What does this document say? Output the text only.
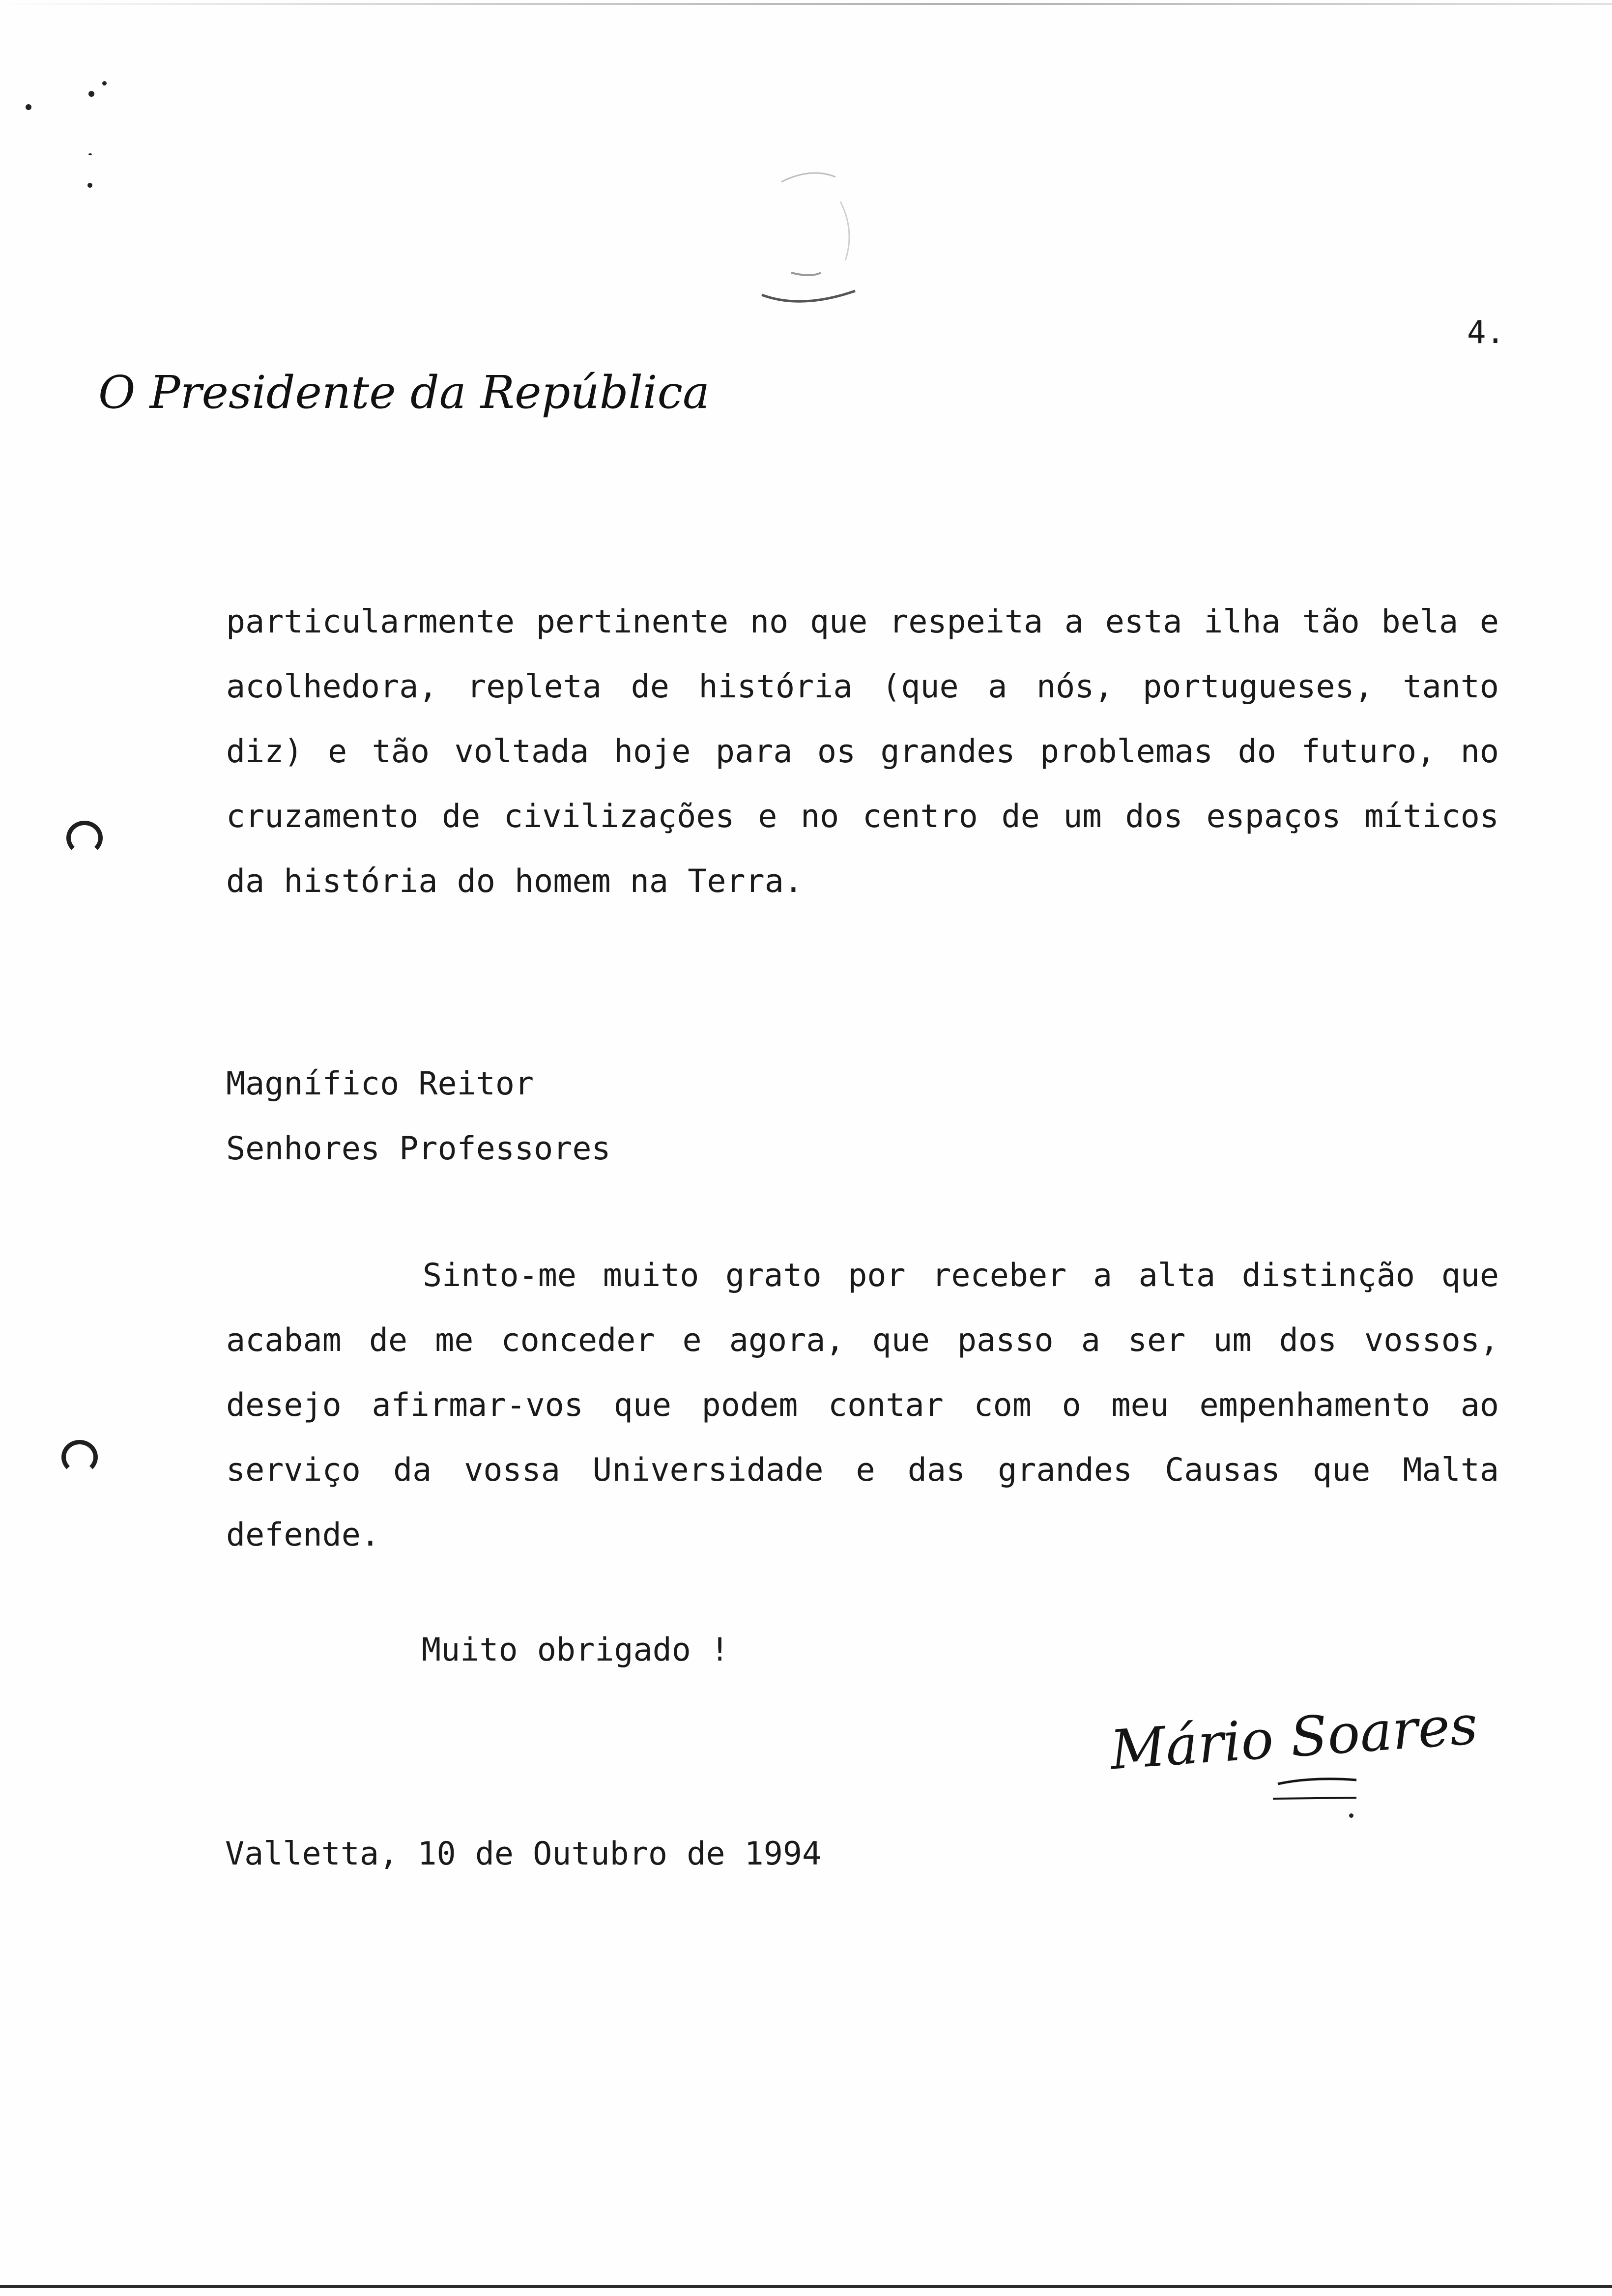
O Presidente da República
4.
particularmente pertinente no que respeita a esta ilha tão bela e
acolhedora, repleta de história (que a nós, portugueses, tanto
diz) e tão voltada hoje para os grandes problemas do futuro, no
cruzamento de civilizações e no centro de um dos espaços míticos
da história do homem na Terra.
Magnífico Reitor
Senhores Professores
Sinto-me muito grato por receber a alta distinção que
acabam de me conceder e agora, que passo a ser um dos vossos,
desejo afirmar-vos que podem contar com o meu empenhamento ao
serviço da vossa Universidade e das grandes Causas que Malta
defende.
Muito obrigado !
Mário Soares
Valletta, 10 de Outubro de 1994
